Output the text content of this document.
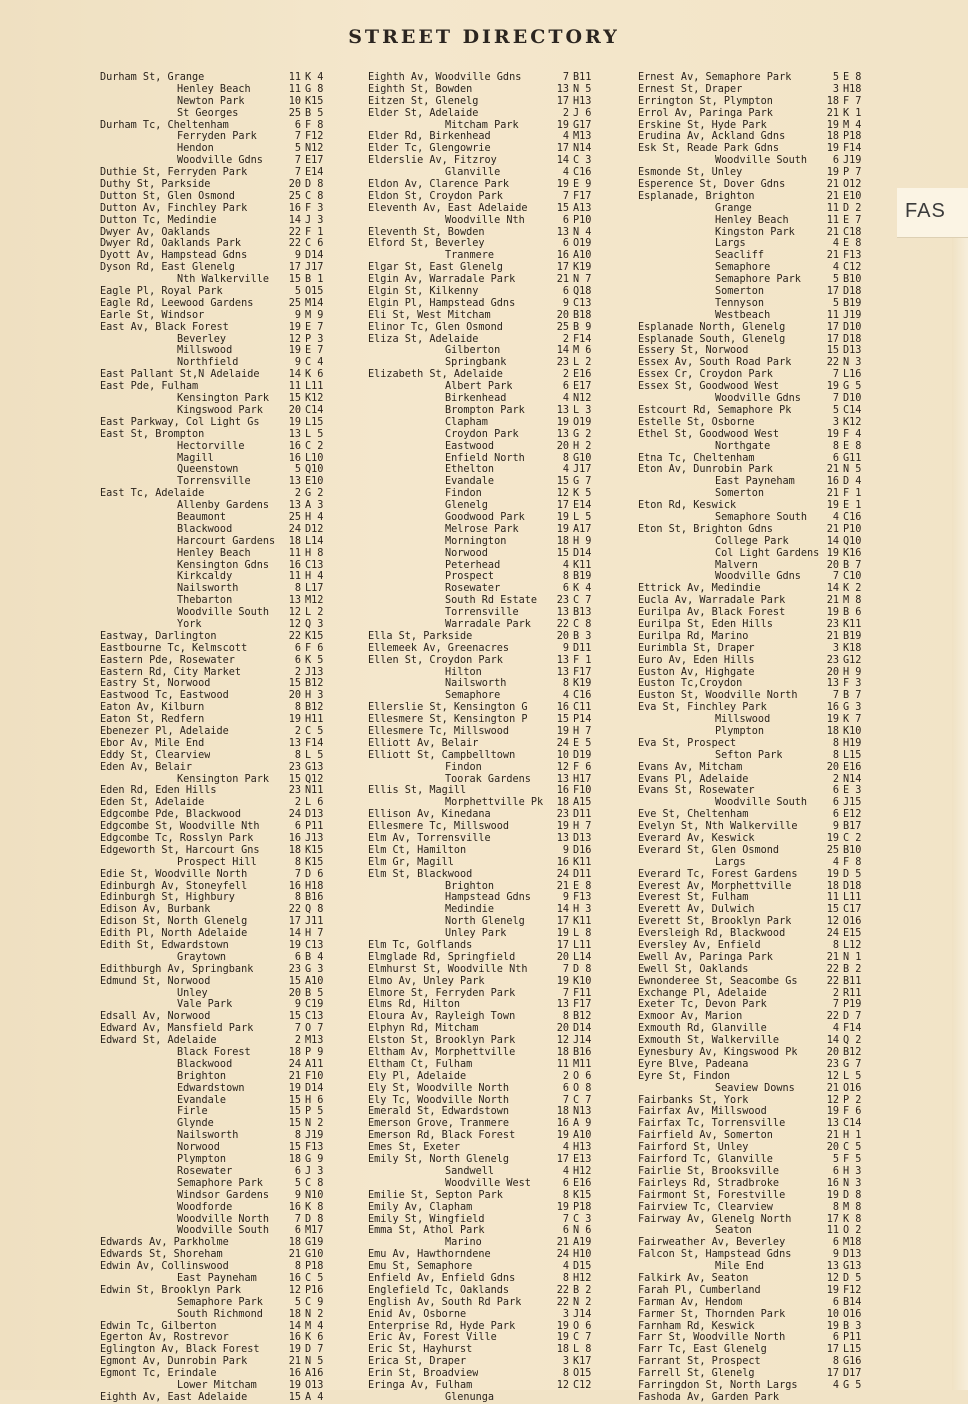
STREET DIRECTORY
Durham St, Grange	11 K 4
Henley Beach	11 G 8
Newton Park	10 K15
St Georges	25 B 5
Durham Tc, Cheltenham	6 F 8
Ferryden Park	7 F12
Hendon	5 N12
Woodville Gdns	7 E17
Duthie St, Ferryden Park	7 E14
Duthy St, Parkside	20 D 8
Dutton St, Glen Osmond	25 C 8
Dutton Av, Finchley Park	16 F 3
Dutton Tc, Medindie	14 J 3
Dwyer Av, Oaklands	22 F 1
Dwyer Rd, Oaklands Park	22 C 6
Dyott Av, Hampstead Gdns	9 D14
Dyson Rd, East Glenelg	17 J17
Nth Walkerville	15 B 1
Eagle Pl, Royal Park	5 O15
Eagle Rd, Leewood Gardens	25 M14
Earle St, Windsor	9 M 9
East Av, Black Forest	19 E 7
Beverley	12 P 3
Millswood	19 E 7
Northfield	9 C 4
East Pallant St,N Adelaide	14 K 6
East Pde, Fulham	11 L11
Kensington Park	15 K12
Kingswood Park	20 C14
East Parkway, Col Light Gs	19 L15
East St, Brompton	13 L 5
Hectorville	16 C 2
Magill	16 L10
Queenstown	5 Q10
Torrensville	13 E10
East Tc, Adelaide	2 G 2
Allenby Gardens	13 A 3
Beaumont	25 H 4
Blackwood	24 D12
Harcourt Gardens	18 L14
Henley Beach	11 H 8
Kensington Gdns	16 C13
Kirkcaldy	11 H 4
Nailsworth	8 L17
Thebarton	13 M12
Woodville South	12 L 2
York	12 Q 3
Eastway, Darlington	22 K15
Eastbourne Tc, Kelmscott	6 F 6
Eastern Pde, Rosewater	6 K 5
Eastern Rd, City Market	2 J13
Eastry St, Norwood	15 B12
Eastwood Tc, Eastwood	20 H 3
Eaton Av, Kilburn	8 B12
Eaton St, Redfern	19 H11
Ebenezer Pl, Adelaide	2 C 5
Ebor Av, Mile End	13 F14
Eddy St, Clearview	8 L 5
Eden Av, Belair	23 G13
Kensington Park	15 Q12
Eden Rd, Eden Hills	23 N11
Eden St, Adelaide	2 L 6
Edgcombe Pde, Blackwood	24 D13
Edgcombe St, Woodville Nth	6 P11
Edgcombe Tc, Rosslyn Park	16 J13
Edgeworth St, Harcourt Gns	18 K15
Prospect Hill	8 K15
Edie St, Woodville North	7 D 6
Edinburgh Av, Stoneyfell	16 H18
Edinburgh St, Highbury	8 B16
Edison Av, Burbank	22 Q 8
Edison St, North Glenelg	17 J11
Edith Pl, North Adelaide	14 H 7
Edith St, Edwardstown	19 C13
Graytown	6 B 4
Edithburgh Av, Springbank	23 G 3
Edmund St, Norwood	15 A10
Unley	20 B 5
Vale Park	9 C19
Edsall Av, Norwood	15 C13
Edward Av, Mansfield Park	7 O 7
Edward St, Adelaide	2 M13
Black Forest	18 P 9
Blackwood	24 A11
Brighton	21 F10
Edwardstown	19 D14
Evandale	15 H 6
Firle	15 P 5
Glynde	15 N 2
Nailsworth	8 J19
Norwood	15 F13
Plympton	18 G 9
Rosewater	6 J 3
Semaphore Park	5 C 8
Windsor Gardens	9 N10
Woodforde	16 K 8
Woodville North	7 D 8
Woodville South	6 M17
Edwards Av, Parkholme	18 G19
Edwards St, Shoreham	21 G10
Edwin Av, Collinswood	8 P18
East Payneham	16 C 5
Edwin St, Brooklyn Park	12 P16
Semaphore Park	5 C 9
South Richmond	18 N 2
Edwin Tc, Gilberton	14 M 4
Egerton Av, Rostrevor	16 K 6
Eglington Av, Black Forest	19 D 7
Egmont Av, Dunrobin Park	21 N 5
Egmont Tc, Erindale	16 A16
Lower Mitcham	19 O13
Eighth Av, East Adelaide	15 A 4
Eighth Av, Woodville Gdns	7 B11
Eighth St, Bowden	13 N 5
Eitzen St, Glenelg	17 H13
Elder St, Adelaide	2 J 6
Mitcham Park	19 G17
Elder Rd, Birkenhead	4 M13
Elder Tc, Glengowrie	17 N14
Elderslie Av, Fitzroy	14 C 3
Glanville	4 C16
Eldon Av, Clarence Park	19 E 9
Eldon St, Croydon Park	7 F17
Eleventh Av, East Adelaide	15 A13
Woodville Nth	6 P10
Eleventh St, Bowden	13 N 4
Elford St, Beverley	6 O19
Tranmere	16 A10
Elgar St, East Glenelg	17 K19
Elgin Av, Warradale Park	21 N 7
Elgin St, Kilkenny	6 Q18
Elgin Pl, Hampstead Gdns	9 C13
Eli St, West Mitcham	20 B18
Elinor Tc, Glen Osmond	25 B 9
Eliza St, Adelaide	2 F14
Gilberton	14 M 6
Springbank	23 L 2
Elizabeth St, Adelaide	2 E16
Albert Park	6 E17
Birkenhead	4 N12
Brompton Park	13 L 3
Clapham	19 O19
Croydon Park	13 G 2
Eastwood	20 H 2
Enfield North	8 G10
Ethelton	4 J17
Evandale	15 G 7
Findon	12 K 5
Glenelg	17 E14
Goodwood Park	19 L 5
Melrose Park	19 A17
Mornington	18 H 9
Norwood	15 D14
Peterhead	4 K11
Prospect	8 B19
Rosewater	6 K 4
South Rd Estate	23 C 7
Torrensville	13 B13
Warradale Park	22 C 8
Ella St, Parkside	20 B 3
Ellemeek Av, Greenacres	9 D11
Ellen St, Croydon Park	13 F 1
Hilton	13 F17
Nailsworth	8 K19
Semaphore	4 C16
Ellerslie St, Kensington G	16 C11
Ellesmere St, Kensington P	15 P14
Ellesmere Tc, Millswood	19 H 7
Elliott Av, Belair	24 E 5
Elliott St, Campbelltown	10 D19
Findon	12 F 6
Toorak Gardens	13 H17
Ellis St, Magill	16 F10
Morphettville Pk	18 A15
Ellison Av, Kinedana	23 D11
Ellesmere Tc, Millswood	19 H 7
Elm Av, Torrensville	13 D13
Elm Ct, Hamilton	9 D16
Elm Gr, Magill	16 K11
Elm St, Blackwood	24 D11
Brighton	21 E 8
Hampstead Gdns	9 F13
Medindie	14 H 3
North Glenelg	17 K11
Unley Park	19 L 8
Elm Tc, Golflands	17 L11
Elmglade Rd, Springfield	20 L14
Elmhurst St, Woodville Nth	7 D 8
Elmo Av, Unley Park	19 K10
Elmore St, Ferryden Park	7 F11
Elms Rd, Hilton	13 F17
Eloura Av, Rayleigh Town	8 B12
Elphyn Rd, Mitcham	20 D14
Elston St, Brooklyn Park	12 J14
Eltham Av, Morphettville	18 B16
Eltham Ct, Fulham	11 M11
Ely Pl, Adelaide	2 O 6
Ely St, Woodville North	6 O 8
Ely Tc, Woodville North	7 C 7
Emerald St, Edwardstown	18 N13
Emerson Grove, Tranmere	16 A 9
Emerson Rd, Black Forest	19 A10
Emes St, Exeter	4 H13
Emily St, North Glenelg	17 E13
Sandwell	4 H12
Woodville West	6 E16
Emilie St, Septon Park	8 K15
Emily Av, Clapham	19 P18
Emily St, Wingfield	7 C 3
Emma St, Athol Park	6 N 6
Marino	21 A19
Emu Av, Hawthorndene	24 H10
Emu St, Semaphore	4 D15
Enfield Av, Enfield Gdns	8 H12
Englefield Tc, Oaklands	22 B 2
English Av, South Rd Park	22 N 2
Enid Av, Osborne	3 J14
Enterprise Rd, Hyde Park	19 O 6
Eric Av, Forest Ville	19 C 7
Eric St, Hayhurst	18 L 8
Erica St, Draper	3 K17
Erin St, Broadview	8 O15
Eringa Av, Fulham	12 C12
Glenunga
Ernest Av, Semaphore Park	5 E 8
Ernest St, Draper	3 H18
Errington St, Plympton	18 F 7
Errol Av, Paringa Park	21 K 1
Erskine St, Hyde Park	19 M 4
Erudina Av, Ackland Gdns	18 P18
Esk St, Reade Park Gdns	19 F14
Woodville South	6 J19
Esmonde St, Unley	19 P 7
Esperence St, Dover Gdns	21 O12
Esplanade, Brighton	21 E10
Grange	11 D 2
Henley Beach	11 E 7
Kingston Park	21 C18
Largs	4 E 8
Seacliff	21 F13
Semaphore	4 C12
Semaphore Park	5 B10
Somerton	17 D18
Tennyson	5 B19
Westbeach	11 J19
Esplanade North, Glenelg	17 D10
Esplanade South, Glenelg	17 D18
Essery St, Norwood	15 D13
Essex Av, South Road Park	22 N 3
Essex Cr, Croydon Park	7 L16
Essex St, Goodwood West	19 G 5
Woodville Gdns	7 D10
Estcourt Rd, Semaphore Pk	5 C14
Estelle St, Osborne	3 K12
Ethel St, Goodwood West	19 F 4
Northgate	8 E 8
Etna Tc, Cheltenham	6 G11
Eton Av, Dunrobin Park	21 N 5
East Payneham	16 D 4
Somerton	21 F 1
Eton Rd, Keswick	19 E 1
Semaphore South	4 C16
Eton St, Brighton Gdns	21 P10
College Park	14 Q10
Col Light Gardens 19 K16
Malvern	20 B 7
Woodville Gdns	7 C10
Ettrick Av, Medindie	14 K 2
Eucla Av, Warradale Park	21 M 8
Eurilpa Av, Black Forest	19 B 6
Eurilpa St, Eden Hills	23 K11
Eurilpa Rd, Marino	21 B19
Eurimbla St, Draper	3 K18
Euro Av, Eden Hills	23 G12
Euston Av, Highgate	20 H 9
Euston Tc,Croydon	13 F 3
Euston St, Woodville North	7 B 7
Eva St, Finchley Park	16 G 3
Millswood	19 K 7
Plympton	18 K10
Eva St, Prospect	8 H19
Sefton Park	8 L15
Evans Av, Mitcham	20 E16
Evans Pl, Adelaide	2 N14
Evans St, Rosewater	6 E 3
Woodville South	6 J15
Eve St, Cheltenham	6 E12
Evelyn St, Nth Walkerville	9 B17
Everard Av, Keswick	19 C 2
Everard St, Glen Osmond	25 B10
Largs	4 F 8
Everard Tc, Forest Gardens	19 D 5
Everest Av, Morphettville	18 D18
Everest St, Fulham	11 L11
Everett Av, Dulwich	15 C17
Everett St, Brooklyn Park	12 O16
Eversleigh Rd, Blackwood	24 E15
Eversley Av, Enfield	8 L12
Ewell Av, Paringa Park	21 N 1
Ewell St, Oaklands	22 B 2
Ewnonderee St, Seacombe Gs	22 B11
Exchange Pl, Adelaide	2 R11
Exeter Tc, Devon Park	7 P19
Exmoor Av, Marion	22 D 7
Exmouth Rd, Glanville	4 F14
Exmouth St, Walkerville	14 Q 2
Eynesbury Av, Kingswood Pk	20 B12
Eyre Blve, Padeana	23 G 7
Eyre St, Findon	12 L 5
Seaview Downs	21 O16
Fairbanks St, York	12 P 2
Fairfax Av, Millswood	19 F 6
Fairfax Tc, Torrensville	13 C14
Fairfield Av, Somerton	21 H 1
Fairford St, Unley	20 C 5
Fairford Tc, Glanville	5 F 5
Fairlie St, Brooksville	6 H 3
Fairleys Rd, Stradbroke	16 N 3
Fairmont St, Forestville	19 D 8
Fairview Tc, Clearview	8 M 8
Fairway Av, Glenelg North	17 K 8
Seaton	11 O 2
Fairweather Av, Beverley	6 M18
Falcon St, Hampstead Gdns	9 D13
Mile End	13 G13
Falkirk Av, Seaton	12 D 5
Farah Pl, Cumberland	19 F12
Farman Av, Hendom	6 B14
Farmer St, Thornden Park	10 O16
Farnham Rd, Keswick	19 B 3
Farr St, Woodville North	6 P11
Farr Tc, East Glenelg	17 L15
Farrant St, Prospect	8 G16
Farrell St, Glenelg	17 D17
Farringdon St, North Largs	4 G 5
Fashoda Av, Garden Park
FAS
